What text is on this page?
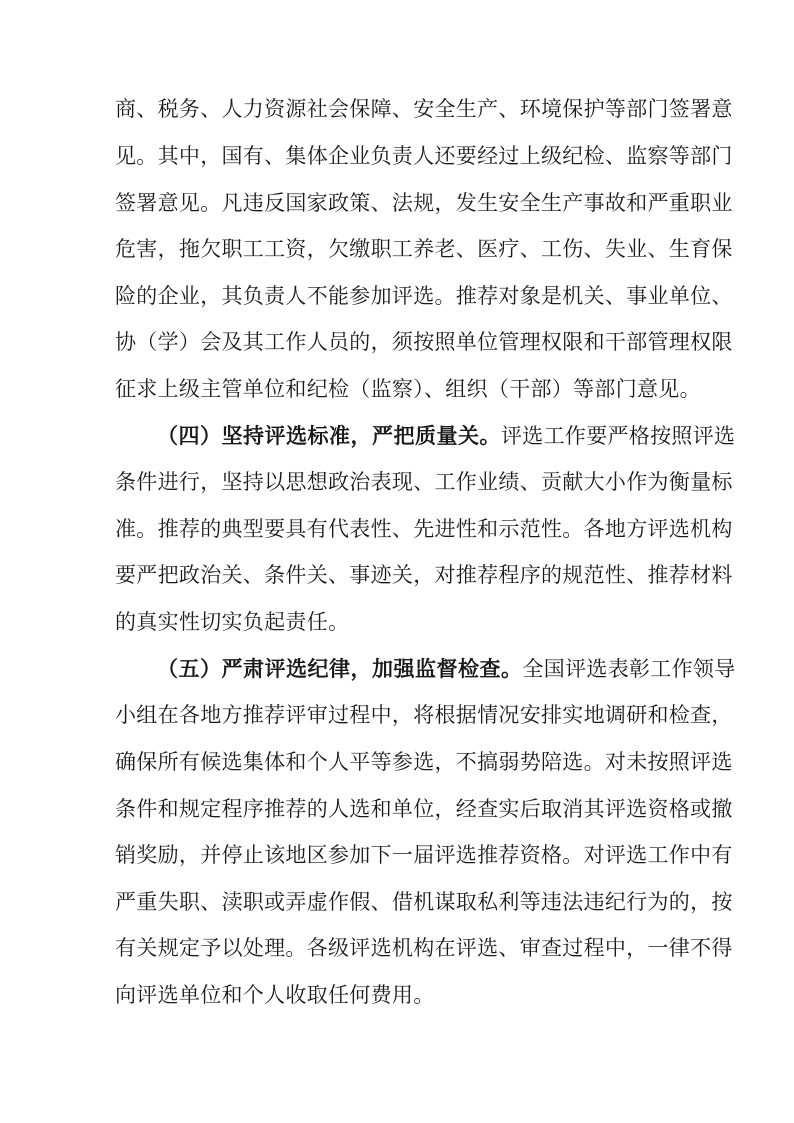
商、税务、人力资源社会保障、安全生产、环境保护等部门签署意
见。其中，国有、集体企业负责人还要经过上级纪检、监察等部门
签署意见。凡违反国家政策、法规，发生安全生产事故和严重职业
危害，拖欠职工工资，欠缴职工养老、医疗、工伤、失业、生育保
险的企业，其负责人不能参加评选。推荐对象是机关、事业单位、
协（学）会及其工作人员的，须按照单位管理权限和干部管理权限
征求上级主管单位和纪检（监察）、组织（干部）等部门意见。
（四）坚持评选标准，严把质量关。评选工作要严格按照评选
条件进行，坚持以思想政治表现、工作业绩、贡献大小作为衡量标
准。推荐的典型要具有代表性、先进性和示范性。各地方评选机构
要严把政治关、条件关、事迹关，对推荐程序的规范性、推荐材料
的真实性切实负起责任。
（五）严肃评选纪律，加强监督检查。全国评选表彰工作领导
小组在各地方推荐评审过程中，将根据情况安排实地调研和检查，
确保所有候选集体和个人平等参选，不搞弱势陪选。对未按照评选
条件和规定程序推荐的人选和单位，经查实后取消其评选资格或撤
销奖励，并停止该地区参加下一届评选推荐资格。对评选工作中有
严重失职、渎职或弄虚作假、借机谋取私利等违法违纪行为的，按
有关规定予以处理。各级评选机构在评选、审查过程中，一律不得
向评选单位和个人收取任何费用。
